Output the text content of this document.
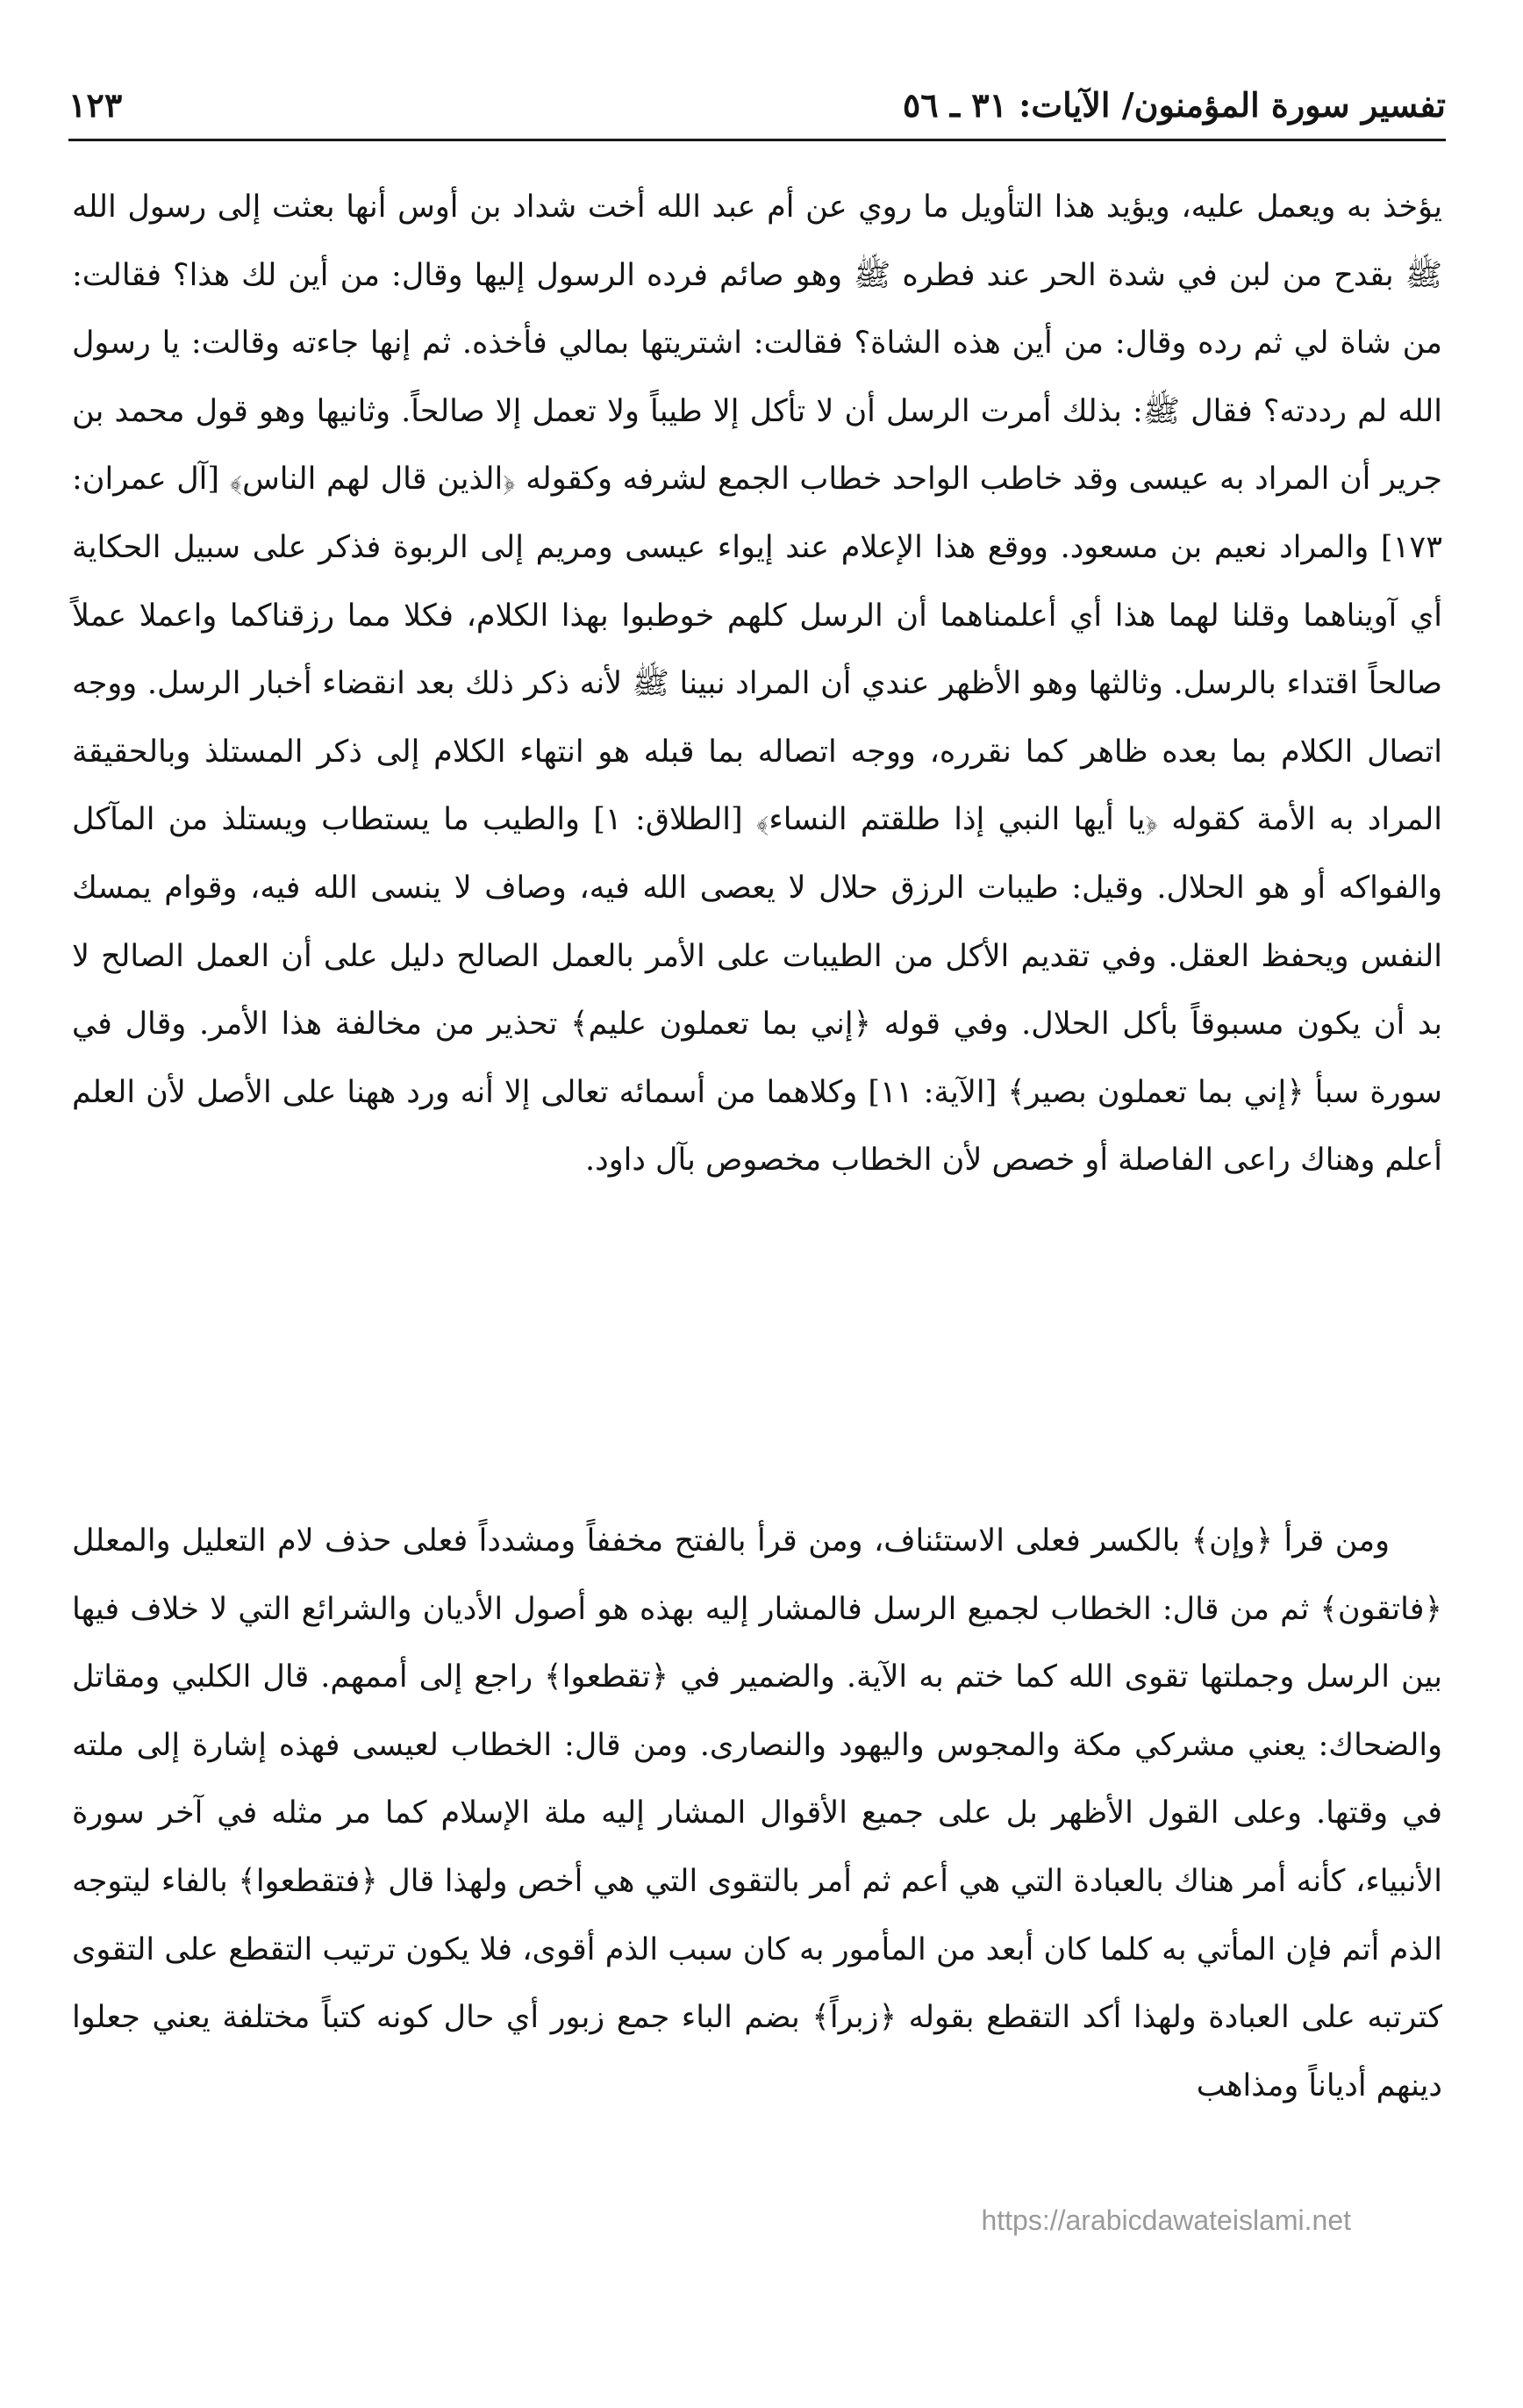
تفسير سورة المؤمنون/ الآيات: ٣١ ـ ٥٦
١٢٣

يؤخذ به ويعمل عليه، ويؤيد هذا التأويل ما روي عن أم عبد الله أخت شداد بن أوس أنها بعثت إلى رسول الله ﷺ بقدح من لبن في شدة الحر عند فطره ﷺ وهو صائم فرده الرسول إليها وقال: من أين لك هذا؟ فقالت: من شاة لي ثم رده وقال: من أين هذه الشاة؟ فقالت: اشتريتها بمالي فأخذه. ثم إنها جاءته وقالت: يا رسول الله لم رددته؟ فقال ﷺ: بذلك أمرت الرسل أن لا تأكل إلا طيباً ولا تعمل إلا صالحاً. وثانيها وهو قول محمد بن جرير أن المراد به عيسى وقد خاطب الواحد خطاب الجمع لشرفه وكقوله ﴿الذين قال لهم الناس﴾ [آل عمران: ١٧٣] والمراد نعيم بن مسعود. ووقع هذا الإعلام عند إيواء عيسى ومريم إلى الربوة فذكر على سبيل الحكاية أي آويناهما وقلنا لهما هذا أي أعلمناهما أن الرسل كلهم خوطبوا بهذا الكلام، فكلا مما رزقناكما واعملا عملاً صالحاً اقتداء بالرسل. وثالثها وهو الأظهر عندي أن المراد نبينا ﷺ لأنه ذكر ذلك بعد انقضاء أخبار الرسل. ووجه اتصال الكلام بما بعده ظاهر كما نقرره، ووجه اتصاله بما قبله هو انتهاء الكلام إلى ذكر المستلذ وبالحقيقة المراد به الأمة كقوله ﴿يا أيها النبي إذا طلقتم النساء﴾ [الطلاق: ١] والطيب ما يستطاب ويستلذ من المآكل والفواكه أو هو الحلال. وقيل: طيبات الرزق حلال لا يعصى الله فيه، وصاف لا ينسى الله فيه، وقوام يمسك النفس ويحفظ العقل. وفي تقديم الأكل من الطيبات على الأمر بالعمل الصالح دليل على أن العمل الصالح لا بد أن يكون مسبوقاً بأكل الحلال. وفي قوله ﴿إني بما تعملون عليم﴾ تحذير من مخالفة هذا الأمر. وقال في سورة سبأ ﴿إني بما تعملون بصير﴾ [الآية: ١١] وكلاهما من أسمائه تعالى إلا أنه ورد ههنا على الأصل لأن العلم أعلم وهناك راعى الفاصلة أو خصص لأن الخطاب مخصوص بآل داود.

ومن قرأ ﴿وإن﴾ بالكسر فعلى الاستئناف، ومن قرأ بالفتح مخففاً ومشدداً فعلى حذف لام التعليل والمعلل ﴿فاتقون﴾ ثم من قال: الخطاب لجميع الرسل فالمشار إليه بهذه هو أصول الأديان والشرائع التي لا خلاف فيها بين الرسل وجملتها تقوى الله كما ختم به الآية. والضمير في ﴿تقطعوا﴾ راجع إلى أممهم. قال الكلبي ومقاتل والضحاك: يعني مشركي مكة والمجوس واليهود والنصارى. ومن قال: الخطاب لعيسى فهذه إشارة إلى ملته في وقتها. وعلى القول الأظهر بل على جميع الأقوال المشار إليه ملة الإسلام كما مر مثله في آخر سورة الأنبياء، كأنه أمر هناك بالعبادة التي هي أعم ثم أمر بالتقوى التي هي أخص ولهذا قال ﴿فتقطعوا﴾ بالفاء ليتوجه الذم أتم فإن المأتي به كلما كان أبعد من المأمور به كان سبب الذم أقوى، فلا يكون ترتيب التقطع على التقوى كترتبه على العبادة ولهذا أكد التقطع بقوله ﴿زبراً﴾ بضم الباء جمع زبور أي حال كونه كتباً مختلفة يعني جعلوا دينهم أدياناً ومذاهب

https://arabicdawateislami.net
